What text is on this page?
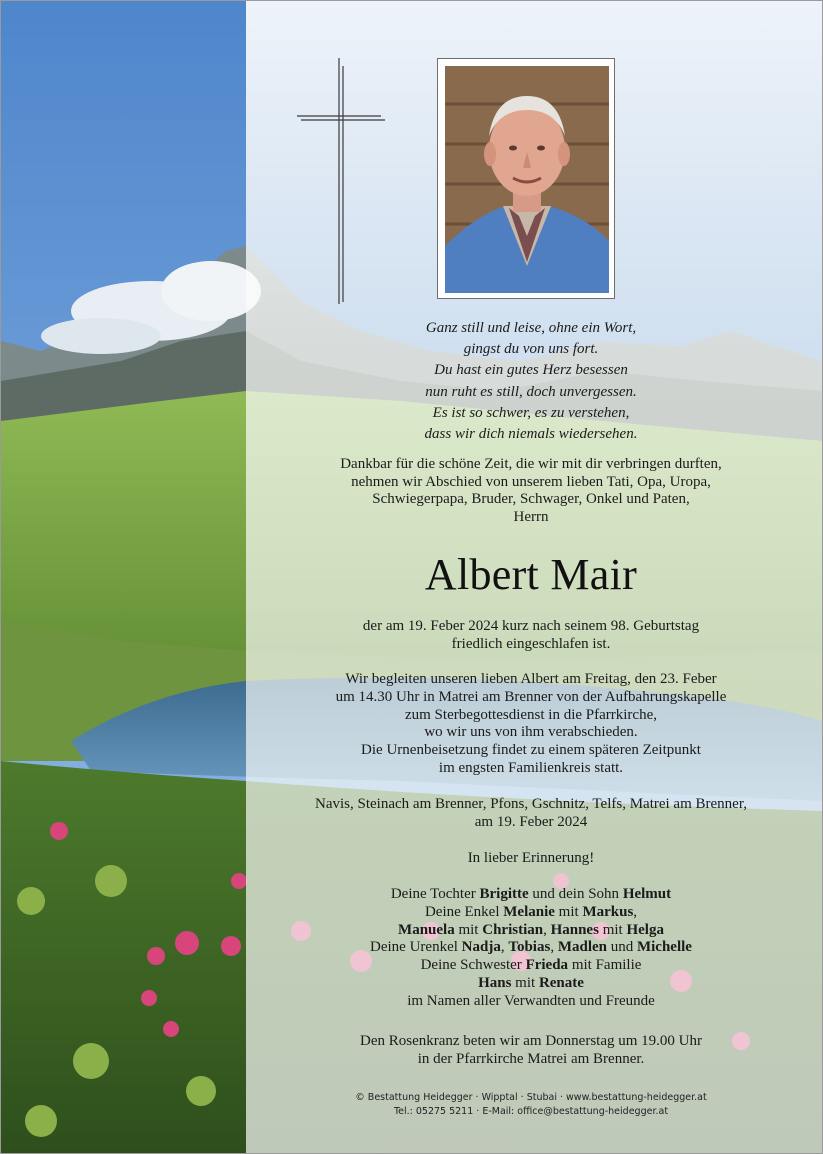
Ganz still und leise, ohne ein Wort,
gingst du von uns fort.
Du hast ein gutes Herz besessen
nun ruht es still, doch unvergessen.
Es ist so schwer, es zu verstehen,
dass wir dich niemals wiedersehen.
Dankbar für die schöne Zeit, die wir mit dir verbringen durften,
nehmen wir Abschied von unserem lieben Tati, Opa, Uropa,
Schwiegerpapa, Bruder, Schwager, Onkel und Paten,
Herrn
Albert Mair
der am 19. Feber 2024 kurz nach seinem 98. Geburtstag
friedlich eingeschlafen ist.
Wir begleiten unseren lieben Albert am Freitag, den 23. Feber
um 14.30 Uhr in Matrei am Brenner von der Aufbahrungskapelle
zum Sterbegottesdienst in die Pfarrkirche,
wo wir uns von ihm verabschieden.
Die Urnenbeisetzung findet zu einem späteren Zeitpunkt
im engsten Familienkreis statt.
Navis, Steinach am Brenner, Pfons, Gschnitz, Telfs, Matrei am Brenner,
am 19. Feber 2024
In lieber Erinnerung!
Deine Tochter Brigitte und dein Sohn Helmut
Deine Enkel Melanie mit Markus,
Manuela mit Christian, Hannes mit Helga
Deine Urenkel Nadja, Tobias, Madlen und Michelle
Deine Schwester Frieda mit Familie
Hans mit Renate
im Namen aller Verwandten und Freunde
Den Rosenkranz beten wir am Donnerstag um 19.00 Uhr
in der Pfarrkirche Matrei am Brenner.
© Bestattung Heidegger · Wipptal · Stubai · www.bestattung-heidegger.at
Tel.: 05275 5211 · E-Mail: office@bestattung-heidegger.at
